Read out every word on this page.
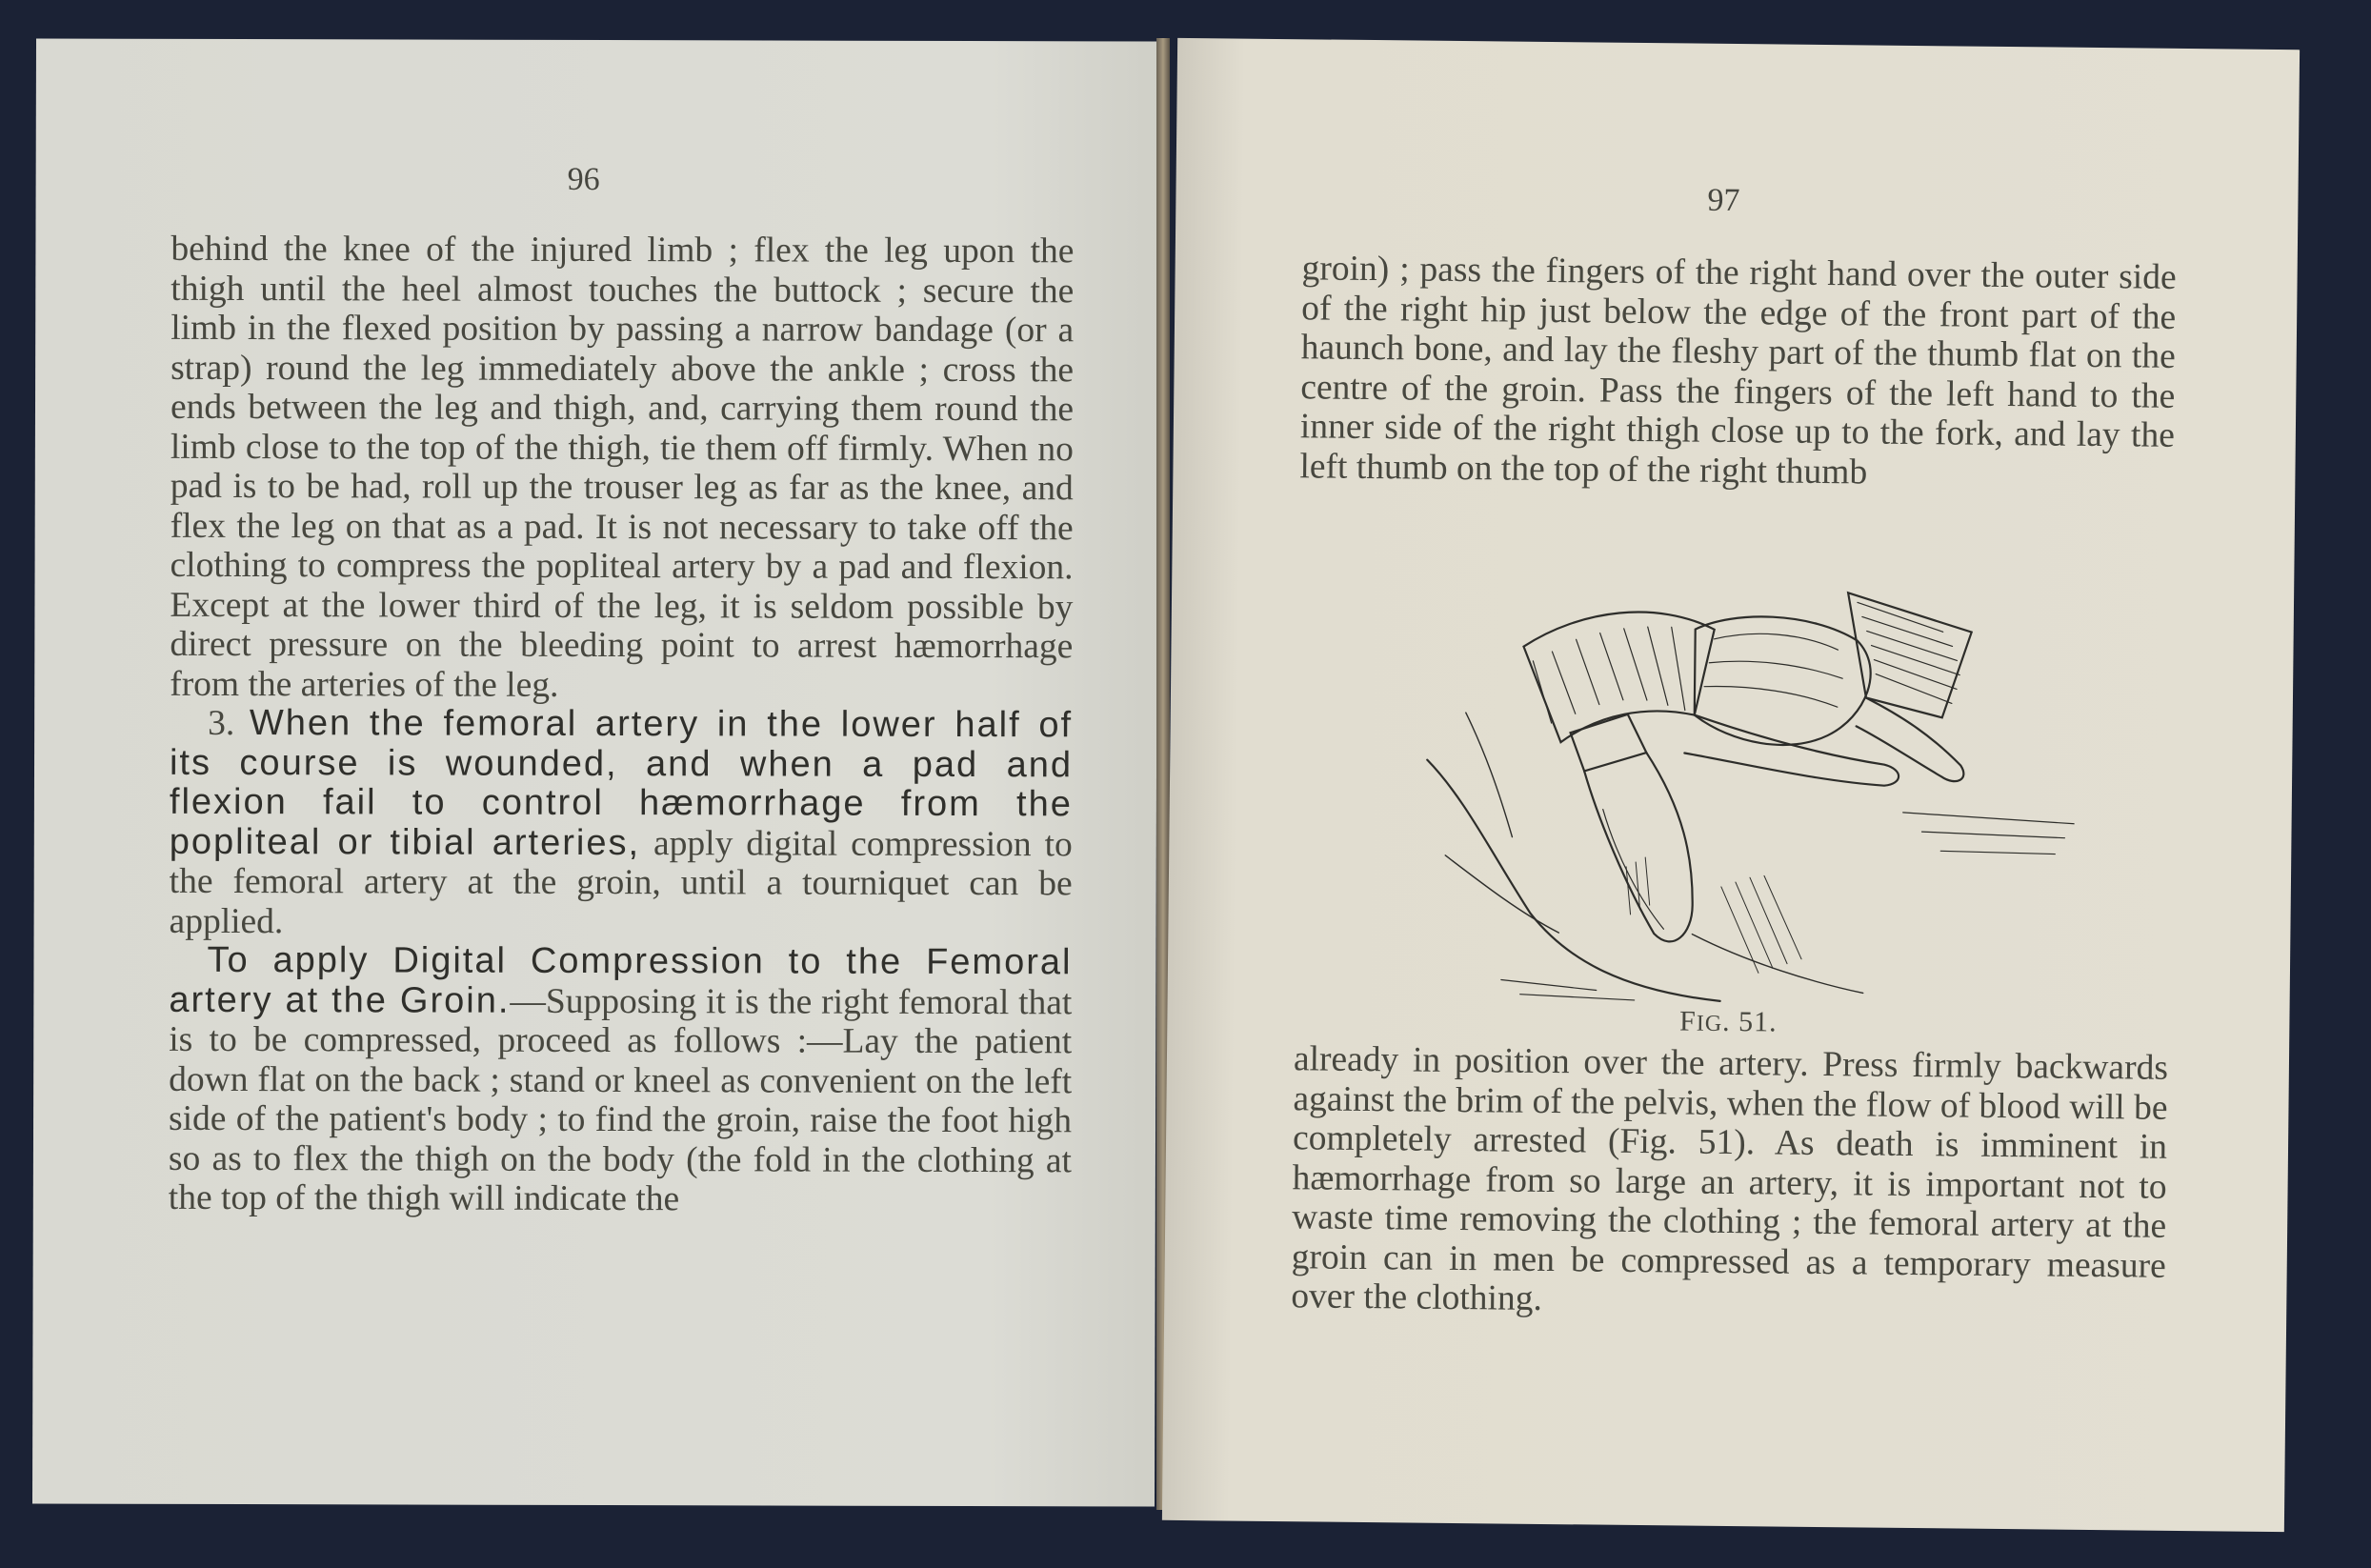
96

behind the knee of the injured limb ; flex the leg upon the thigh until the heel almost touches the buttock ; secure the limb in the flexed position by passing a narrow bandage (or a strap) round the leg immediately above the ankle ; cross the ends between the leg and thigh, and, carrying them round the limb close to the top of the thigh, tie them off firmly. When no pad is to be had, roll up the trouser leg as far as the knee, and flex the leg on that as a pad. It is not necessary to take off the clothing to compress the popliteal artery by a pad and flexion. Except at the lower third of the leg, it is seldom possible by direct pressure on the bleeding point to arrest hæmorrhage from the arteries of the leg.

3. When the femoral artery in the lower half of its course is wounded, and when a pad and flexion fail to control hæmorrhage from the popliteal or tibial arteries, apply digital compression to the femoral artery at the groin, until a tourniquet can be applied.

To apply Digital Compression to the Femoral artery at the Groin.—Supposing it is the right femoral that is to be compressed, proceed as follows :—Lay the patient down flat on the back ; stand or kneel as convenient on the left side of the patient's body ; to find the groin, raise the foot high so as to flex the thigh on the body (the fold in the clothing at the top of the thigh will indicate the

97

groin) ; pass the fingers of the right hand over the outer side of the right hip just below the edge of the front part of the haunch bone, and lay the fleshy part of the thumb flat on the centre of the groin. Pass the fingers of the left hand to the inner side of the right thigh close up to the fork, and lay the left thumb on the top of the right thumb

FIG. 51.

already in position over the artery. Press firmly backwards against the brim of the pelvis, when the flow of blood will be completely arrested (Fig. 51). As death is imminent in hæmorrhage from so large an artery, it is important not to waste time removing the clothing ; the femoral artery at the groin can in men be compressed as a temporary measure over the clothing.
